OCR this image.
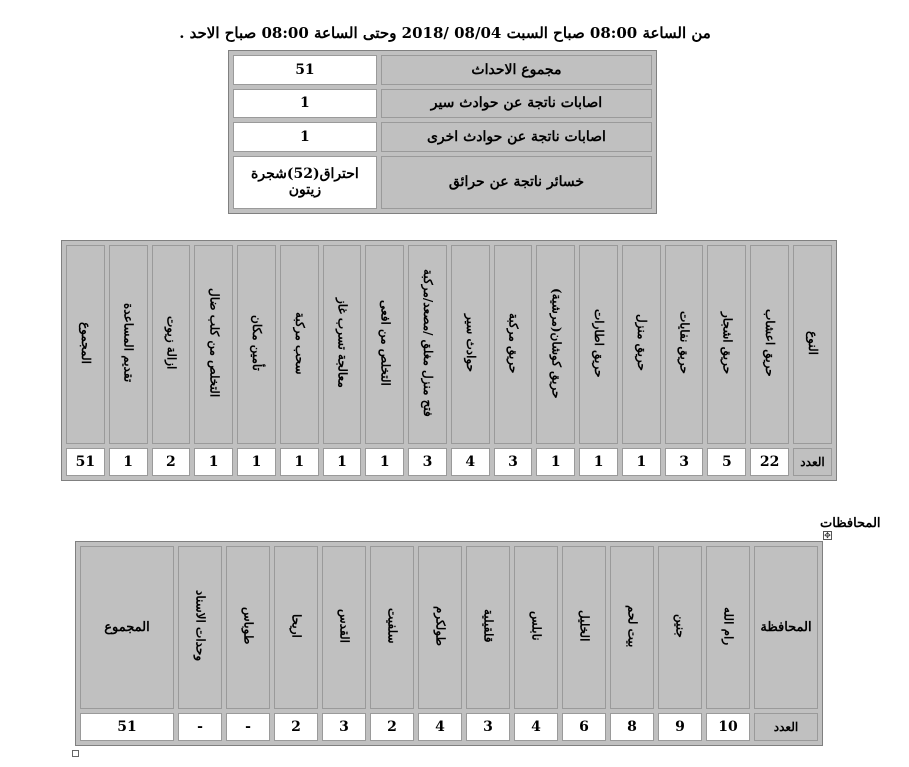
من الساعة 08:00 صباح السبت 08/04 /2018 وحتى الساعة 08:00 صباح الاحد .
51	مجموع الاحداث
1	اصابات ناتجة عن حوادث سير
1	اصابات ناتجة عن حوادث اخرى
احتراق(52)شجرة زيتون	خسائر ناتجة عن حرائق
المجموع	تقديم المساعدة	ازالة زيوت	التخلص من كلب ضال	تأمين مكان	سحب مركبة	معالجة تسرب غاز	التخلص من افعى	فتح منزل مغلق /مصعد/مركبة	حوادث سير	حريق مركبة	حريق كوشان(مرشية)	حريق اطارات	حريق منزل	حريق نفايات	حريق اشجار	حريق اعشاب	النوع
51	1	2	1	1	1	1	1	3	4	3	1	1	1	3	5	22	العدد
المحافظات
✥
المجموع	وحدات الاسناد	طوباس	اريحا	القدس	سلفيت	طولكرم	قلقيلية	نابلس	الخليل	بيت لحم	جنين	رام الله	المحافظة
51	-	-	2	3	2	4	3	4	6	8	9	10	العدد
